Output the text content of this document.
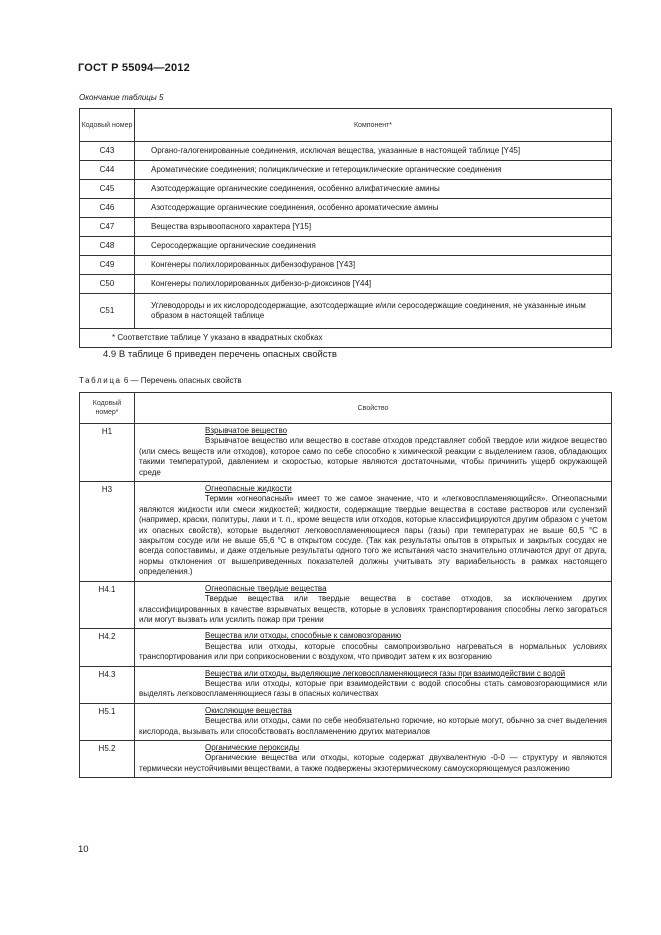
ГОСТ Р 55094—2012
Окончание таблицы 5
Кодовый номер	Компонент*
C43	Органо-галогенированные соединения, исключая вещества, указанные в настоящей таблице [Y45]
C44	Ароматические соединения; полициклические и гетероциклические органические соединения
C45	Азотсодержащие органические соединения, особенно алифатические амины
C46	Азотсодержащие органические соединения, особенно ароматические амины
C47	Вещества взрывоопасного характера [Y15]
C48	Серосодержащие органические соединения
C49	Конгенеры полихлорированных дибензофуранов [Y43]
C50	Конгенеры полихлорированных дибензо-р-диоксинов [Y44]
C51	Углеводороды и их кислородсодержащие, азотсодержащие и/или серосодержащие соединения, не указанные иным образом в настоящей таблице
* Соответствие таблице Y указано в квадратных скобках	
4.9 В таблице 6 приведен перечень опасных свойств
Таблица 6 — Перечень опасных свойств
Кодовый номер*	Свойство
H1	Взрывчатое вещество
Взрывчатое вещество или вещество в составе отходов представляет собой твердое или жидкое вещество (или смесь веществ или отходов), которое само по себе способно к химической реакции с выделением газов, обладающих такими температурой, давлением и скоростью, которые являются достаточными, чтобы причинить ущерб окружающей среде

H3	Огнеопасные жидкости
Термин «огнеопасный» имеет то же самое значение, что и «легковоспламеняющийся». Огнеопасными являются жидкости или смеси жидкостей; жидкости, содержащие твердые вещества в составе растворов или суспензий (например, краски, политуры, лаки и т. п., кроме веществ или отходов, которые классифицируются другим образом с учетом их опасных свойств), которые выделяют легковоспламеняющиеся пары (газы) при температурах не выше 60,5 °С в закрытом сосуде или не выше 65,6 °С в открытом сосуде. (Так как результаты опытов в открытых и закрытых сосудах не всегда сопоставимы, и даже отдельные результаты одного того же испытания часто значительно отличаются друг от друга, нормы отклонения от вышеприведенных показателей должны учитывать эту вариабельность в рамках настоящего определения.)

H4.1	Огнеопасные твердые вещества
Твердые вещества или твердые вещества в составе отходов, за исключением других классифицированных в качестве взрывчатых веществ, которые в условиях транспортирования способны легко загораться или могут вызвать или усилить пожар при трении

H4.2	Вещества или отходы, способные к самовозгоранию
Вещества или отходы, которые способны самопроизвольно нагреваться в нормальных условиях транспортирования или при соприкосновении с воздухом, что приводит затем к их возгоранию

H4.3	Вещества или отходы, выделяющие легковоспламеняющиеся газы при взаимодействии с водой
Вещества или отходы, которые при взаимодействии с водой способны стать самовозгорающимися или выделять легковоспламеняющиеся газы в опасных количествах

H5.1	Окисляющие вещества
Вещества или отходы, сами по себе необязательно горючие, но которые могут, обычно за счет выделения кислорода, вызывать или способствовать воспламенению других материалов

H5.2	Органические пероксиды
Органические вещества или отходы, которые содержат двухвалентную -0-0 — структуру и являются термически неустойчивыми веществами, а также подвержены экзотермическому самоускоряющемуся разложению
10
